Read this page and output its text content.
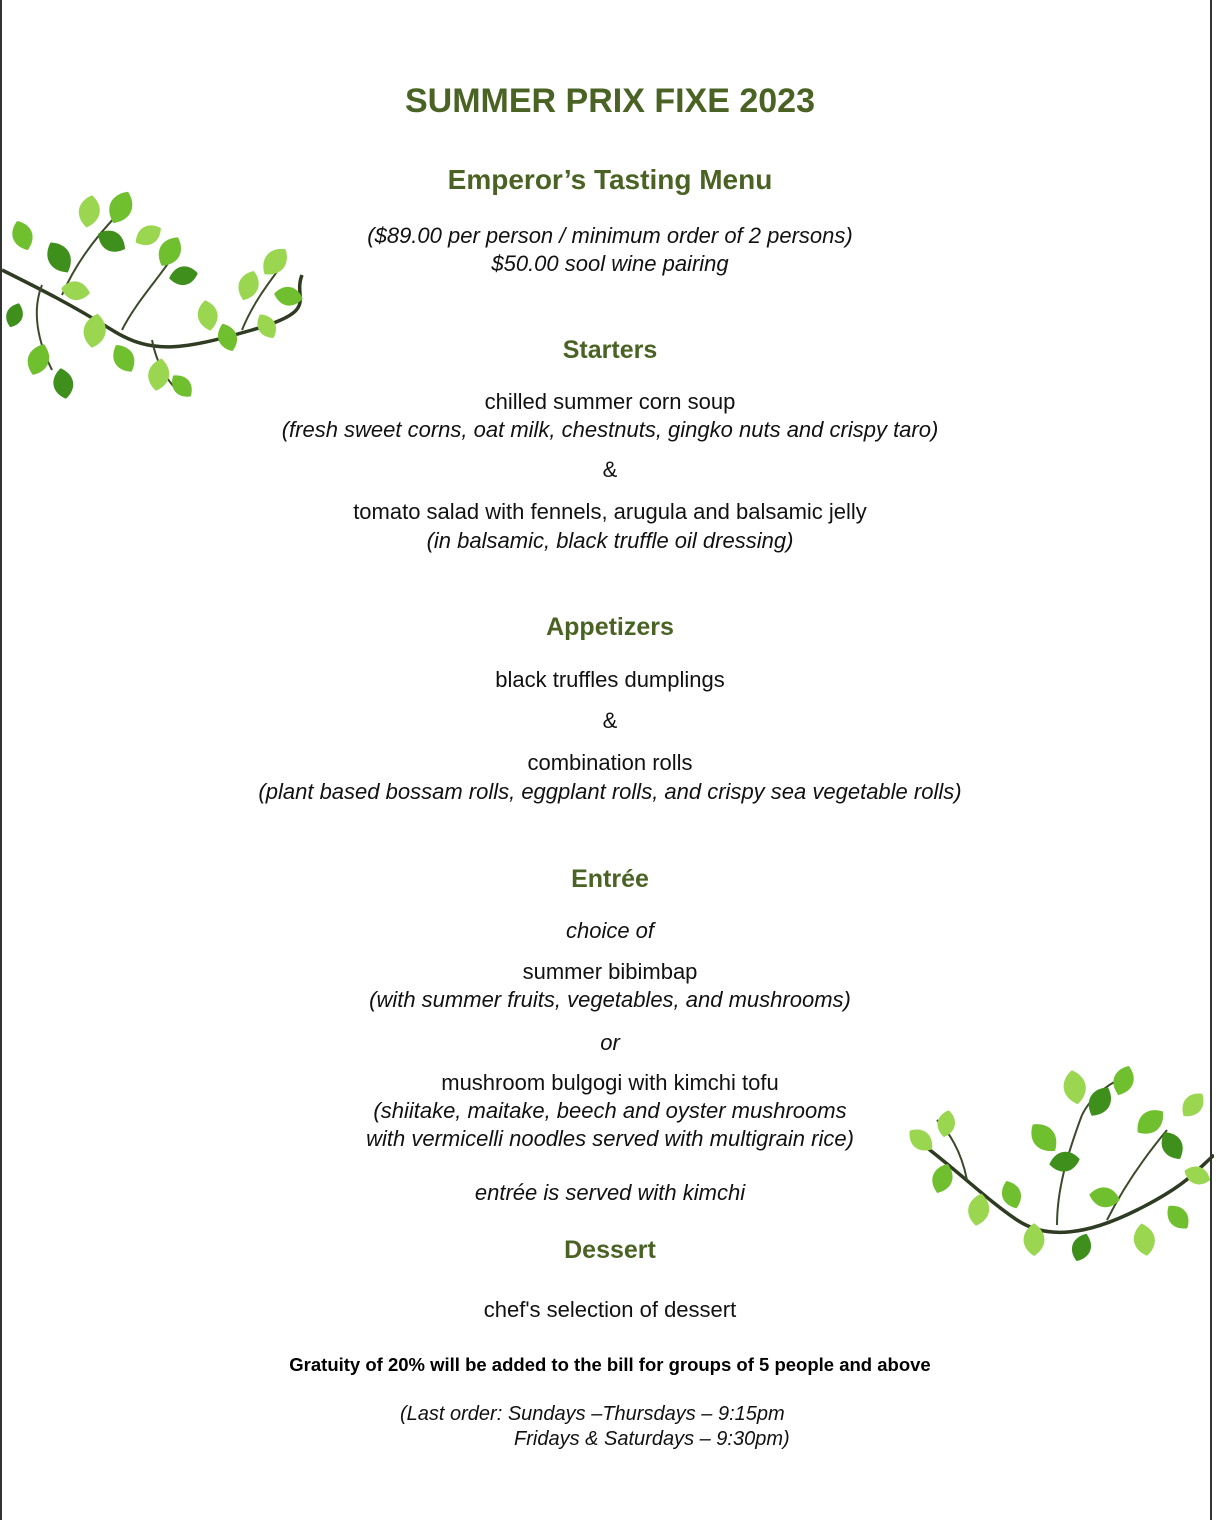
SUMMER PRIX FIXE 2023
Emperor’s Tasting Menu
($89.00 per person / minimum order of 2 persons)
$50.00 sool wine pairing
Starters
chilled summer corn soup
(fresh sweet corns, oat milk, chestnuts, gingko nuts and crispy taro)
&
tomato salad with fennels, arugula and balsamic jelly
(in balsamic, black truffle oil dressing)
Appetizers
black truffles dumplings
&
combination rolls
(plant based bossam rolls, eggplant rolls, and crispy sea vegetable rolls)
Entrée
choice of
summer bibimbap
(with summer fruits, vegetables, and mushrooms)
or
mushroom bulgogi with kimchi tofu
(shiitake, maitake, beech and oyster mushrooms
with vermicelli noodles served with multigrain rice)
entrée is served with kimchi
Dessert
chef's selection of dessert
Gratuity of 20% will be added to the bill for groups of 5 people and above
(Last order: Sundays –Thursdays – 9:15pm
Fridays & Saturdays – 9:30pm)
